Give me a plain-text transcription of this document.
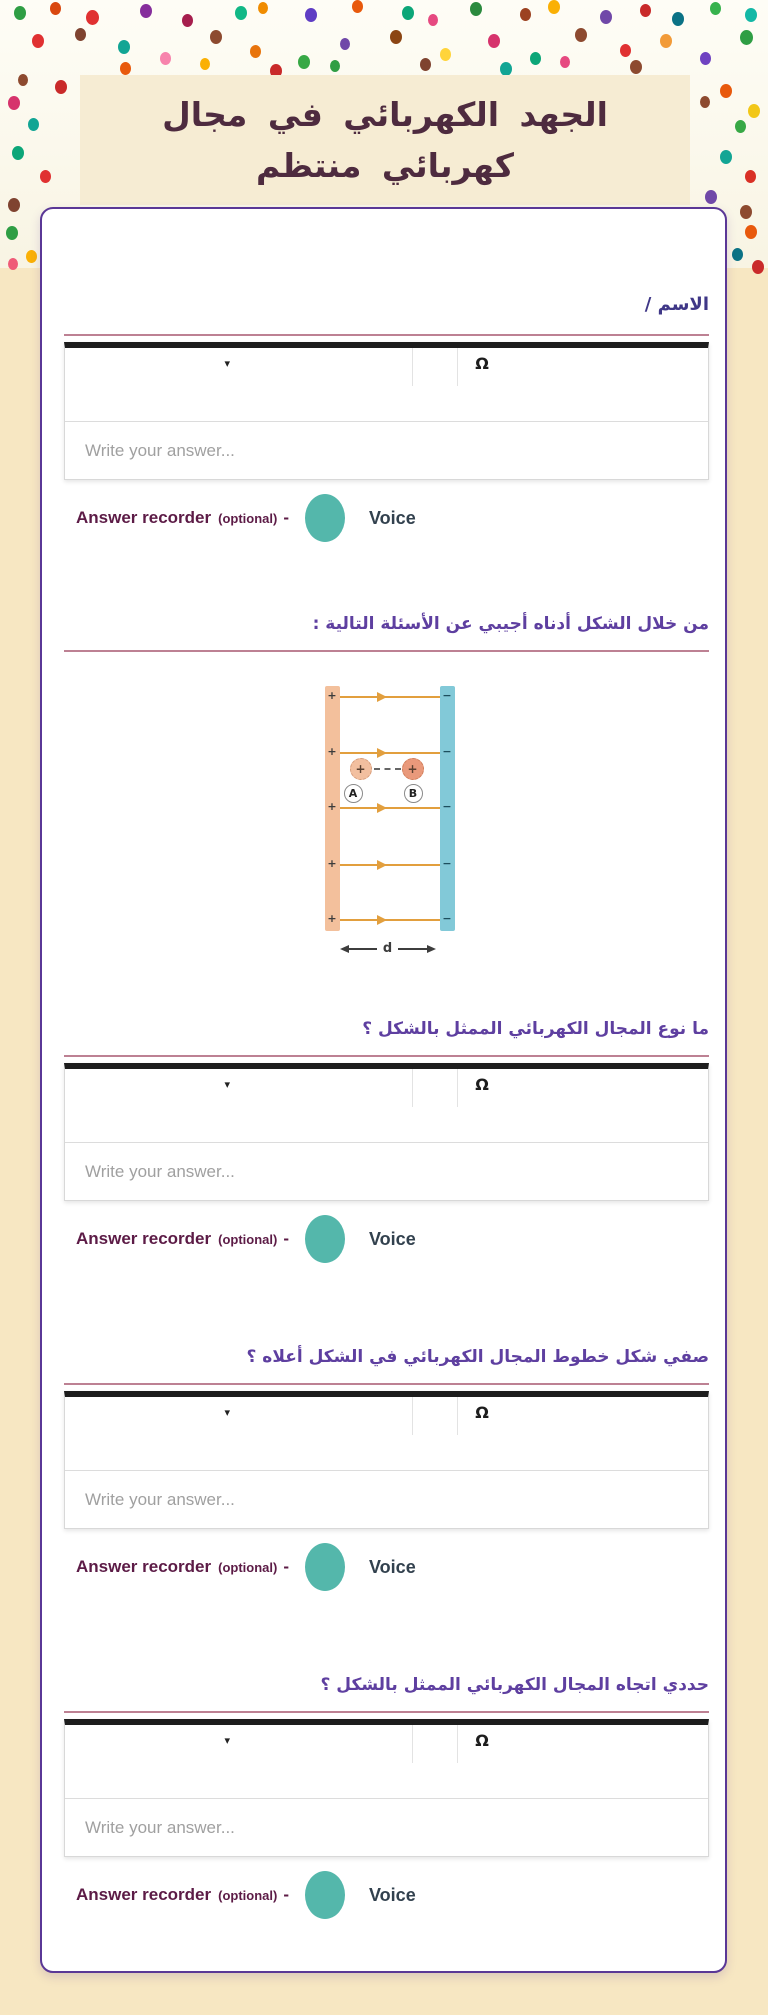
الجهد الكهربائي في مجال كهربائي منتظم
الاسم /
▾	Ω
Write your answer...
Answer recorder (optional) -	Voice
من خلال الشكل أدناه أجيبي عن الأسئلة التالية :
+	−
+	−
+	−
+	−
+	−
+	+
A	B
d
ما نوع المجال الكهربائي الممثل بالشكل ؟
▾	Ω
Write your answer...
Answer recorder (optional) -	Voice
صفي شكل خطوط المجال الكهربائي في الشكل أعلاه ؟
▾	Ω
Write your answer...
Answer recorder (optional) -	Voice
حددي اتجاه المجال الكهربائي الممثل بالشكل ؟
▾	Ω
Write your answer...
Answer recorder (optional) -	Voice
